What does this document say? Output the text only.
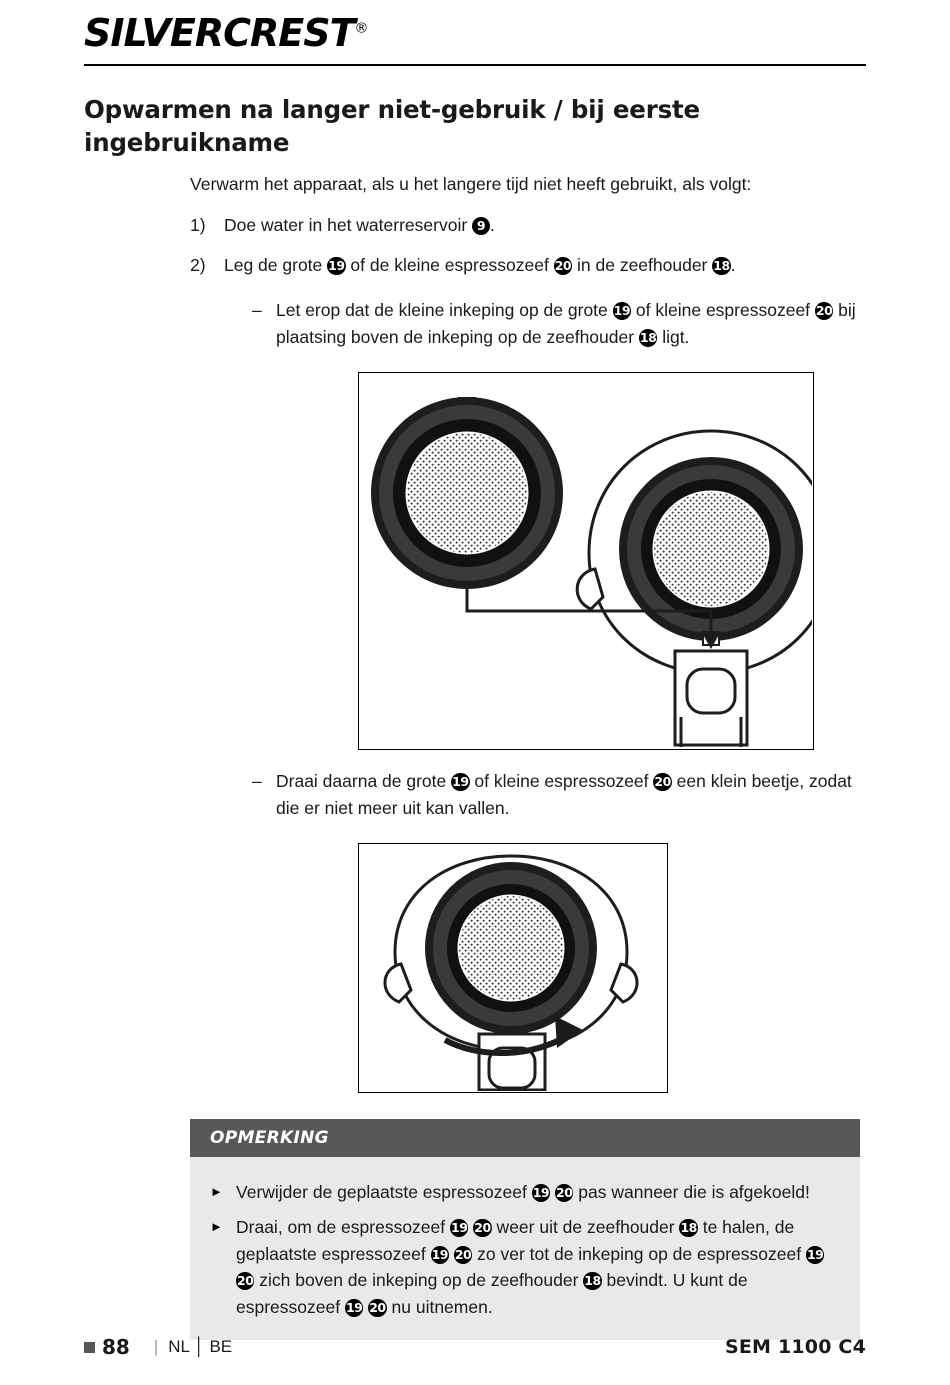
SILVERCREST®
Opwarmen na langer niet-gebruik / bij eerste ingebruikname
Verwarm het apparaat, als u het langere tijd niet heeft gebruikt, als volgt:
1)	Doe water in het waterreservoir 9 .
2)	Leg de grote 19 of de kleine espressozeef 20 in de zeefhouder 18.
– Let erop dat de kleine inkeping op de grote 19 of kleine espressozeef 20 bij plaatsing boven de inkeping op de zeefhouder 18 ligt.
– Draai daarna de grote 19 of kleine espressozeef 20 een klein beetje, zodat die er niet meer uit kan vallen.
OPMERKING
► Verwijder de geplaatste espressozeef 19 20 pas wanneer die is afgekoeld!
► Draai, om de espressozeef 19 20 weer uit de zeefhouder 18 te halen, de geplaatste espressozeef 19 20 zo ver tot de inkeping op de espressozeef 19 20 zich boven de inkeping op de zeefhouder 18 bevindt. U kunt de espressozeef 19 20 nu uitnemen.
88 | NL │ BE	SEM 1100 C4
